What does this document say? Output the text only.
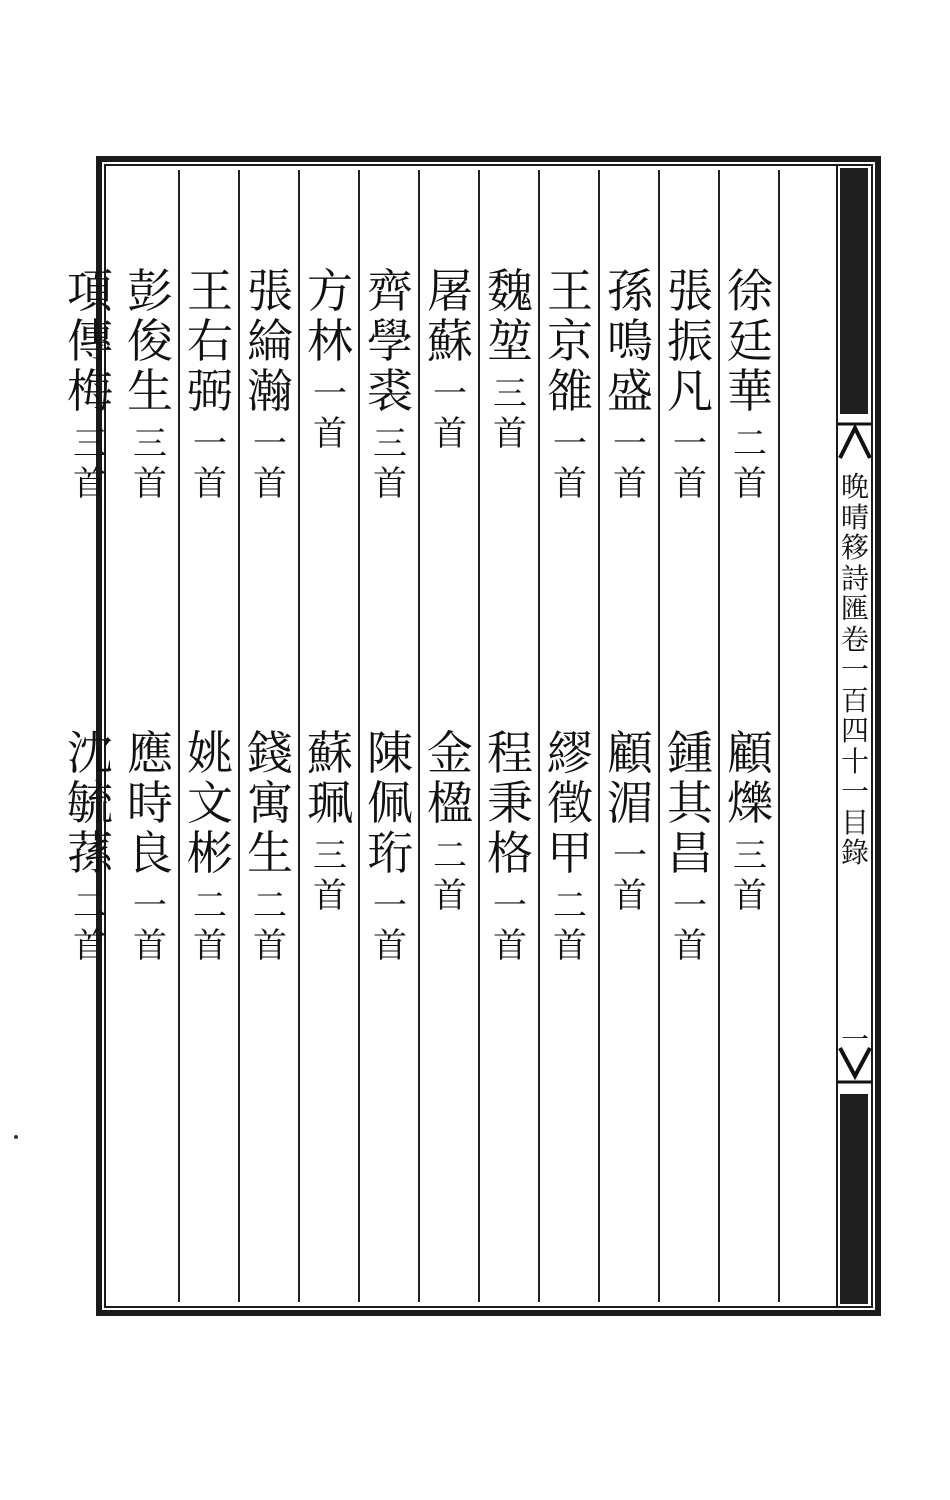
晚
晴
簃
詩
匯
卷
一
百
四
十
一
目
錄
一
徐
廷
華
二
首
顧
爍
三
首
張
振
凡
一
首
鍾
其
昌
一
首
孫
鳴
盛
一
首
顧
湄
一
首
王
京
雒
一
首
繆
徵
甲
二
首
魏
堃
三
首
程
秉
格
一
首
屠
蘇
一
首
金
楹
二
首
齊
學
裘
三
首
陳
佩
珩
一
首
方
林
一
首
蘇
珮
三
首
張
綸
瀚
一
首
錢
寓
生
二
首
王
右
弼
一
首
姚
文
彬
二
首
彭
俊
生
三
首
應
時
良
一
首
項
傳
梅
三
首
沈
毓
蓀
二
首
